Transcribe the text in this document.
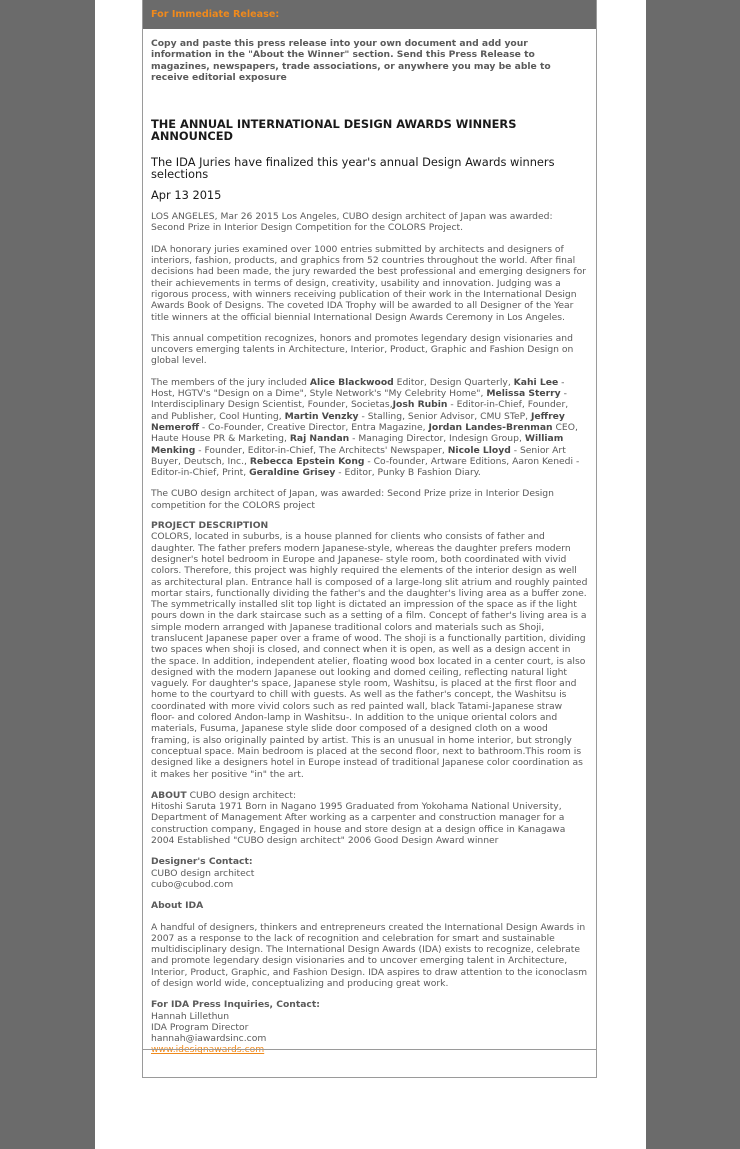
For Immediate Release:

Copy and paste this press release into your own document and add your information in the "About the Winner" section. Send this Press Release to magazines, newspapers, trade associations, or anywhere you may be able to receive editorial exposure

THE ANNUAL INTERNATIONAL DESIGN AWARDS WINNERS ANNOUNCED
The IDA Juries have finalized this year's annual Design Awards winners selections
Apr 13 2015

LOS ANGELES, Mar 26 2015 Los Angeles, CUBO design architect of Japan was awarded: Second Prize in Interior Design Competition for the COLORS Project.

IDA honorary juries examined over 1000 entries submitted by architects and designers of interiors, fashion, products, and graphics from 52 countries throughout the world. After final decisions had been made, the jury rewarded the best professional and emerging designers for their achievements in terms of design, creativity, usability and innovation. Judging was a rigorous process, with winners receiving publication of their work in the International Design Awards Book of Designs. The coveted IDA Trophy will be awarded to all Designer of the Year title winners at the official biennial International Design Awards Ceremony in Los Angeles.

This annual competition recognizes, honors and promotes legendary design visionaries and uncovers emerging talents in Architecture, Interior, Product, Graphic and Fashion Design on global level.

The members of the jury included Alice Blackwood Editor, Design Quarterly, Kahi Lee - Host, HGTV's "Design on a Dime", Style Network's "My Celebrity Home", Melissa Sterry - Interdisciplinary Design Scientist, Founder, Societas,Josh Rubin - Editor-in-Chief, Founder, and Publisher, Cool Hunting, Martin Venzky - Stalling, Senior Advisor, CMU STeP, Jeffrey Nemeroff - Co-Founder, Creative Director, Entra Magazine, Jordan Landes-Brenman CEO, Haute House PR & Marketing, Raj Nandan - Managing Director, Indesign Group, William Menking - Founder, Editor-in-Chief, The Architects' Newspaper, Nicole Lloyd - Senior Art Buyer, Deutsch, Inc., Rebecca Epstein Kong - Co-founder, Artware Editions, Aaron Kenedi - Editor-in-Chief, Print, Geraldine Grisey - Editor, Punky B Fashion Diary.

The CUBO design architect of Japan, was awarded: Second Prize prize in Interior Design competition for the COLORS project

PROJECT DESCRIPTION
COLORS, located in suburbs, is a house planned for clients who consists of father and daughter. The father prefers modern Japanese-style, whereas the daughter prefers modern designer's hotel bedroom in Europe and Japanese- style room, both coordinated with vivid colors. Therefore, this project was highly required the elements of the interior design as well as architectural plan. Entrance hall is composed of a large-long slit atrium and roughly painted mortar stairs, functionally dividing the father's and the daughter's living area as a buffer zone. The symmetrically installed slit top light is dictated an impression of the space as if the light pours down in the dark staircase such as a setting of a film. Concept of father's living area is a simple modern arranged with Japanese traditional colors and materials such as Shoji, translucent Japanese paper over a frame of wood. The shoji is a functionally partition, dividing two spaces when shoji is closed, and connect when it is open, as well as a design accent in the space. In addition, independent atelier, floating wood box located in a center court, is also designed with the modern Japanese out looking and domed ceiling, reflecting natural light vaguely. For daughter's space, Japanese style room, Washitsu, is placed at the first floor and home to the courtyard to chill with guests. As well as the father's concept, the Washitsu is coordinated with more vivid colors such as red painted wall, black Tatami-Japanese straw floor- and colored Andon-lamp in Washitsu-. In addition to the unique oriental colors and materials, Fusuma, Japanese style slide door composed of a designed cloth on a wood framing, is also originally painted by artist. This is an unusual in home interior, but strongly conceptual space. Main bedroom is placed at the second floor, next to bathroom.This room is designed like a designers hotel in Europe instead of traditional Japanese color coordination as it makes her positive "in" the art.

ABOUT CUBO design architect:
Hitoshi Saruta 1971 Born in Nagano 1995 Graduated from Yokohama National University, Department of Management After working as a carpenter and construction manager for a construction company, Engaged in house and store design at a design office in Kanagawa 2004 Established "CUBO design architect" 2006 Good Design Award winner

Designer's Contact:
CUBO design architect
cubo@cubod.com

About IDA

A handful of designers, thinkers and entrepreneurs created the International Design Awards in 2007 as a response to the lack of recognition and celebration for smart and sustainable multidisciplinary design. The International Design Awards (IDA) exists to recognize, celebrate and promote legendary design visionaries and to uncover emerging talent in Architecture, Interior, Product, Graphic, and Fashion Design. IDA aspires to draw attention to the iconoclasm of design world wide, conceptualizing and producing great work.

For IDA Press Inquiries, Contact:
Hannah Lillethun
IDA Program Director
hannah@iawardsinc.com
www.idesignawards.com
